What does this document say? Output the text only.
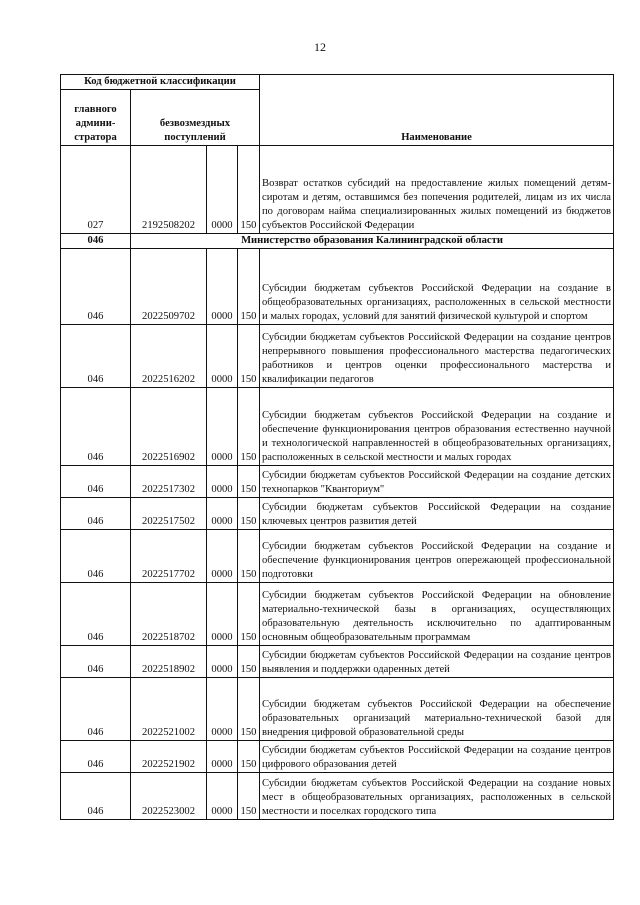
12
Код бюджетной классификации				Наименование
главного админи-стратора	безвозмездных поступлений			
027	2192508202	0000	150	Возврат остатков субсидий на предоставление жилых помещений детям-сиротам и детям, оставшимся без попечения родителей, лицам из их числа по договорам найма специализированных жилых помещений из бюджетов субъектов Российской Федерации
046	Министерство образования Калининградской области			
046	2022509702	0000	150	Субсидии бюджетам субъектов Российской Федерации на создание в общеобразовательных организациях, расположенных в сельской местности и малых городах, условий для занятий физической культурой и спортом
046	2022516202	0000	150	Субсидии бюджетам субъектов Российской Федерации на создание центров непрерывного повышения профессионального мастерства педагогических работников и центров оценки профессионального мастерства и квалификации педагогов
046	2022516902	0000	150	Субсидии бюджетам субъектов Российской Федерации на создание и обеспечение функционирования центров образования естественно научной и технологической направленностей в общеобразовательных организациях, расположенных в сельской местности и малых городах
046	2022517302	0000	150	Субсидии бюджетам субъектов Российской Федерации на создание детских технопарков "Кванториум"
046	2022517502	0000	150	Субсидии бюджетам субъектов Российской Федерации на создание ключевых центров развития детей
046	2022517702	0000	150	Субсидии бюджетам субъектов Российской Федерации на создание и обеспечение функционирования центров опережающей профессиональной подготовки
046	2022518702	0000	150	Субсидии бюджетам субъектов Российской Федерации на обновление материально-технической базы в организациях, осуществляющих образовательную деятельность исключительно по адаптированным основным общеобразовательным программам
046	2022518902	0000	150	Субсидии бюджетам субъектов Российской Федерации на создание центров выявления и поддержки одаренных детей
046	2022521002	0000	150	Субсидии бюджетам субъектов Российской Федерации на обеспечение образовательных организаций материально-технической базой для внедрения цифровой образовательной среды
046	2022521902	0000	150	Субсидии бюджетам субъектов Российской Федерации на создание центров цифрового образования детей
046	2022523002	0000	150	Субсидии бюджетам субъектов Российской Федерации на создание новых мест в общеобразовательных организациях, расположенных в сельской местности и поселках городского типа
